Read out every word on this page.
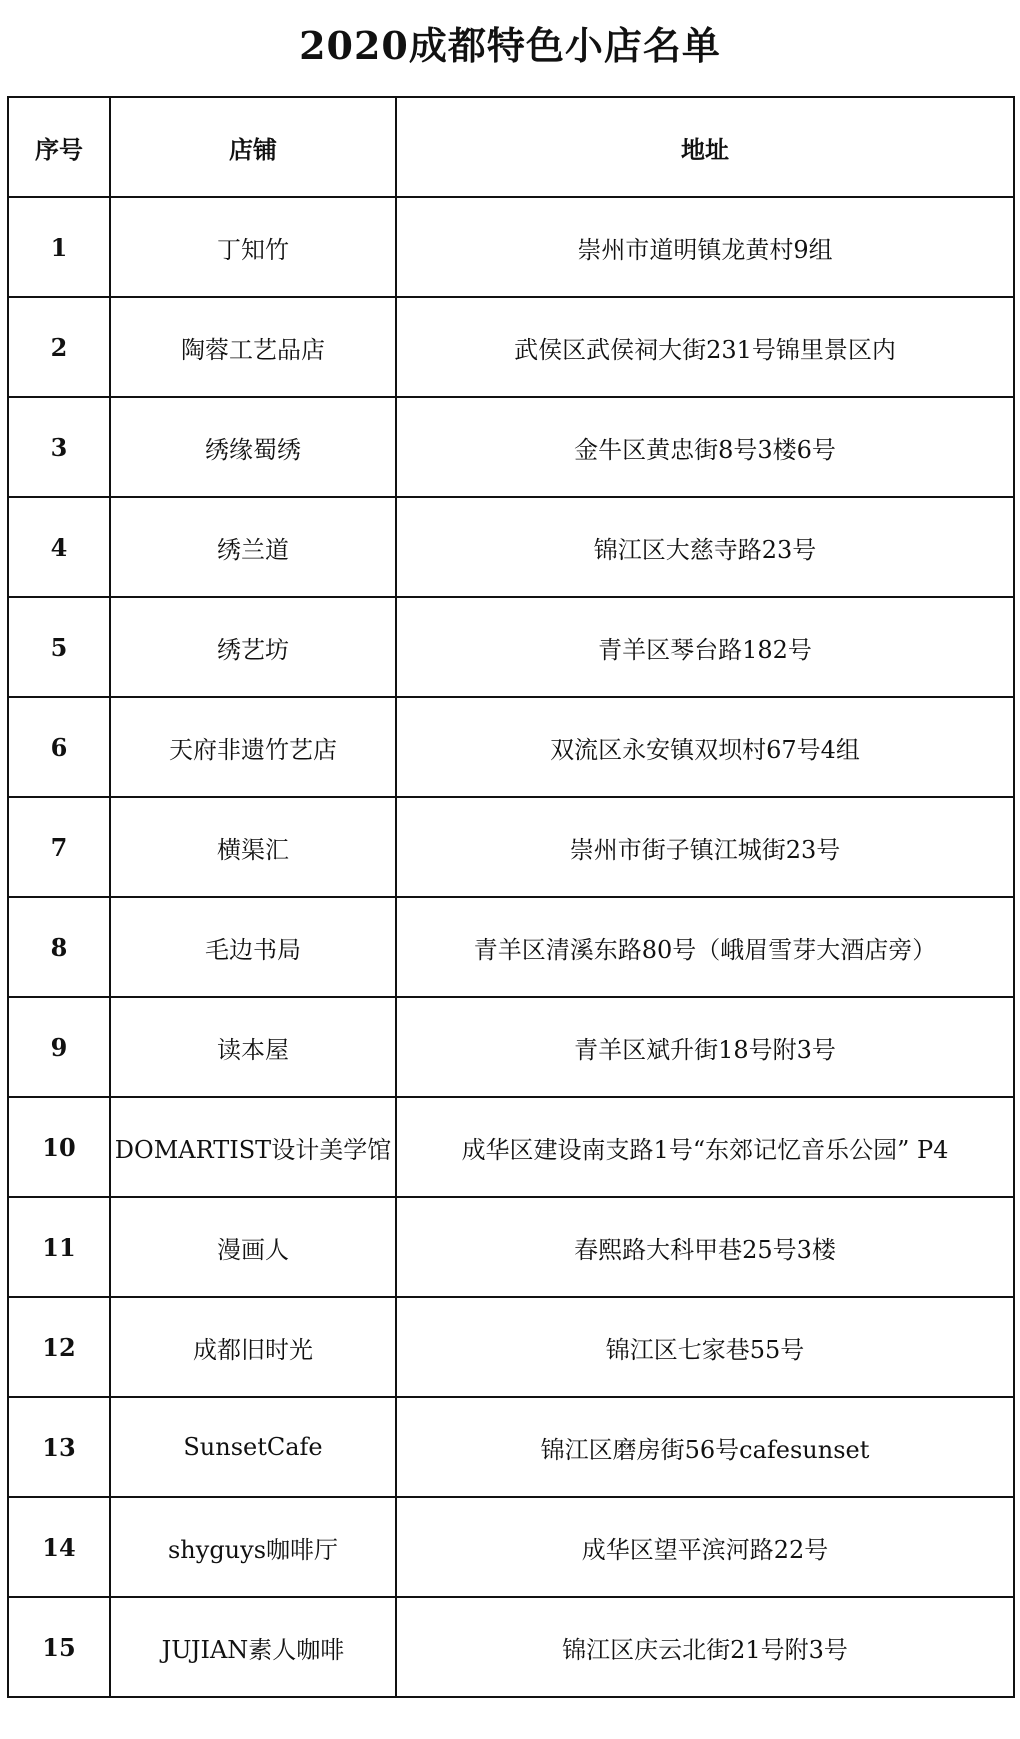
2020成都特色小店名单
序号	店铺	地址
1	丁知竹	崇州市道明镇龙黄村9组
2	陶蓉工艺品店	武侯区武侯祠大街231号锦里景区内
3	绣缘蜀绣	金牛区黄忠街8号3楼6号
4	绣兰道	锦江区大慈寺路23号
5	绣艺坊	青羊区琴台路182号
6	天府非遗竹艺店	双流区永安镇双坝村67号4组
7	横渠汇	崇州市街子镇江城街23号
8	毛边书局	青羊区清溪东路80号（峨眉雪芽大酒店旁）
9	读本屋	青羊区斌升街18号附3号
10	DOMARTIST设计美学馆	成华区建设南支路1号“东郊记忆音乐公园” P4
11	漫画人	春熙路大科甲巷25号3楼
12	成都旧时光	锦江区七家巷55号
13	SunsetCafe	锦江区磨房街56号cafesunset
14	shyguys咖啡厅	成华区望平滨河路22号
15	JUJIAN素人咖啡	锦江区庆云北街21号附3号
